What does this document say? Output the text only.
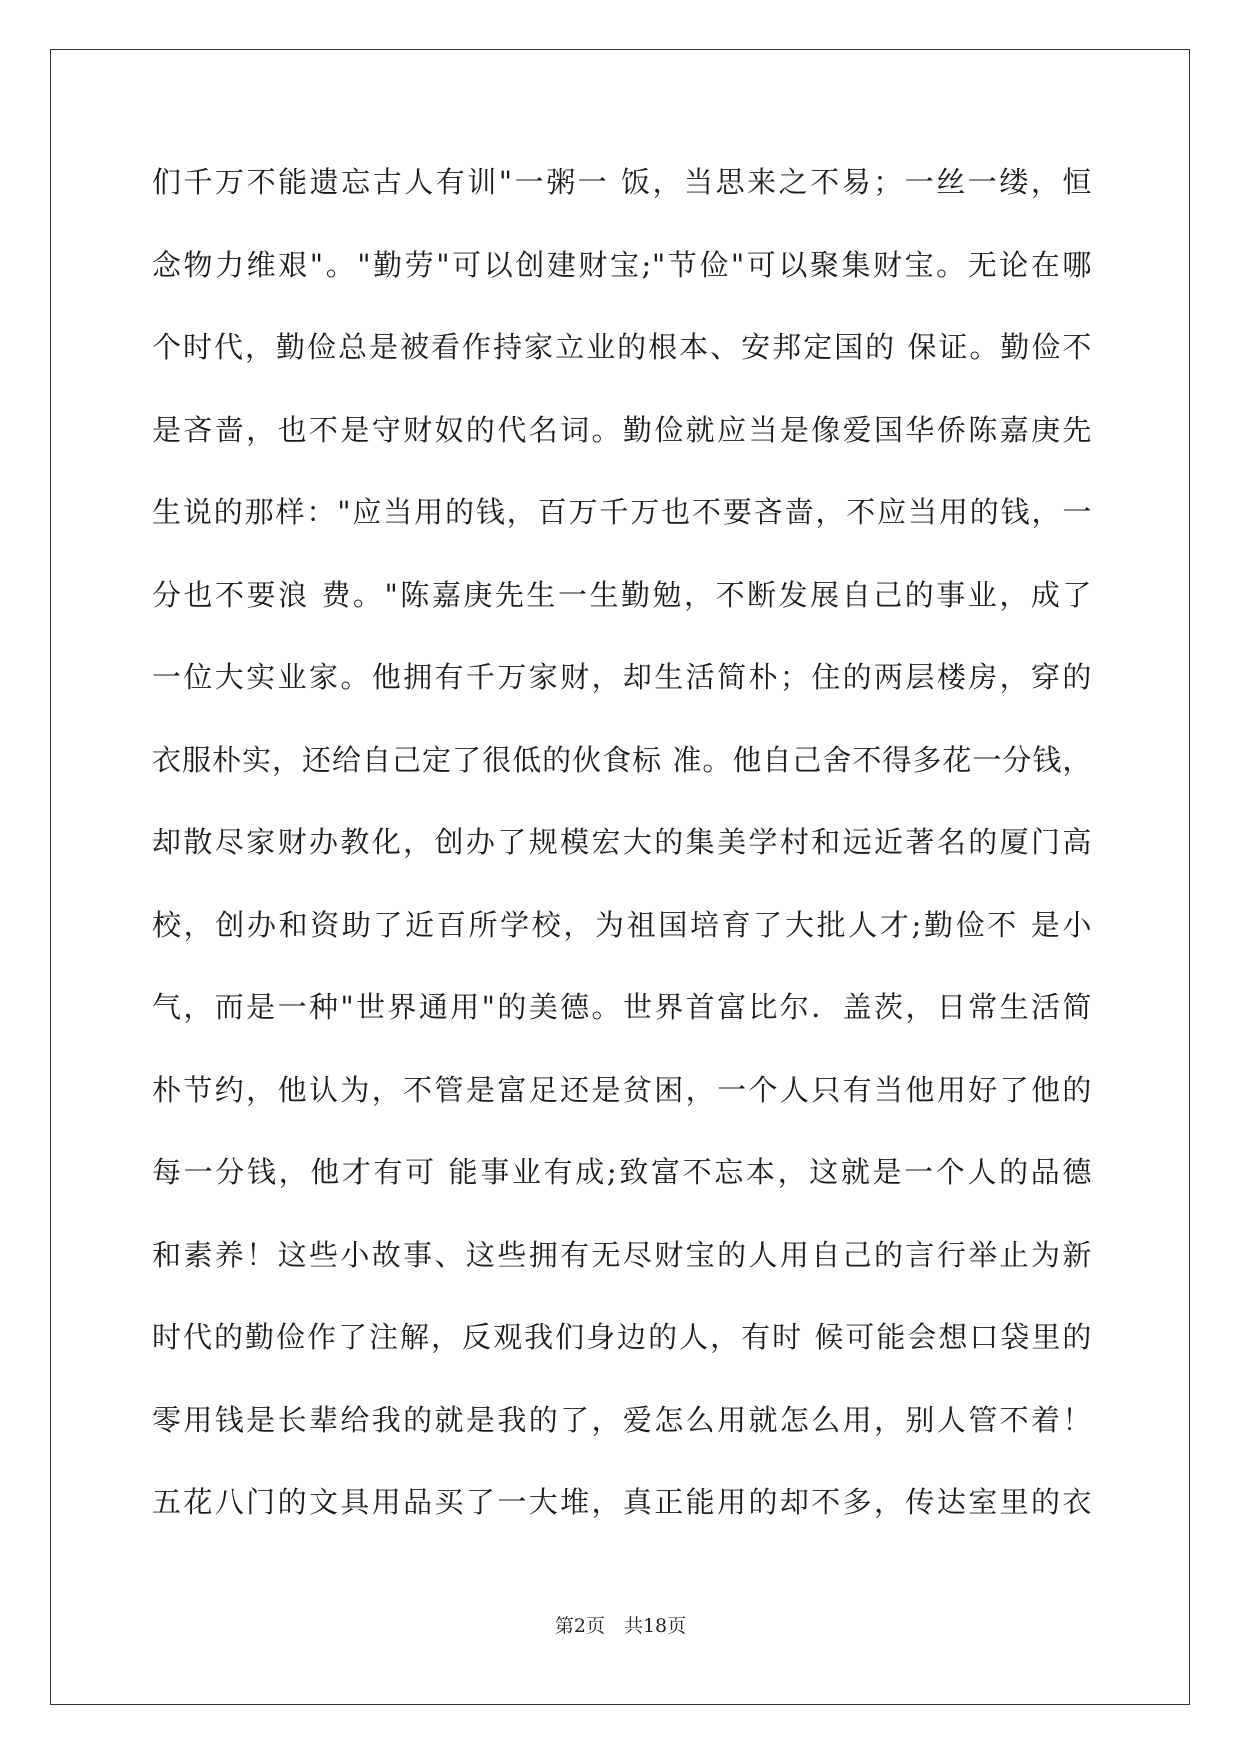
们千万不能遗忘古人有训"一粥一 饭，当思来之不易；一丝一缕，恒
念物力维艰"。"勤劳"可以创建财宝;"节俭"可以聚集财宝。无论在哪
个时代，勤俭总是被看作持家立业的根本、安邦定国的 保证。勤俭不
是吝啬，也不是守财奴的代名词。勤俭就应当是像爱国华侨陈嘉庚先
生说的那样："应当用的钱，百万千万也不要吝啬，不应当用的钱，一
分也不要浪 费。"陈嘉庚先生一生勤勉，不断发展自己的事业，成了
一位大实业家。他拥有千万家财，却生活简朴；住的两层楼房，穿的
衣服朴实，还给自己定了很低的伙食标 准。他自己舍不得多花一分钱，
却散尽家财办教化，创办了规模宏大的集美学村和远近著名的厦门高
校，创办和资助了近百所学校，为祖国培育了大批人才;勤俭不 是小
气，而是一种"世界通用"的美德。世界首富比尔．盖茨，日常生活简
朴节约，他认为，不管是富足还是贫困，一个人只有当他用好了他的
每一分钱，他才有可 能事业有成;致富不忘本，这就是一个人的品德
和素养！这些小故事、这些拥有无尽财宝的人用自己的言行举止为新
时代的勤俭作了注解，反观我们身边的人，有时 候可能会想口袋里的
零用钱是长辈给我的就是我的了，爱怎么用就怎么用，别人管不着！
五花八门的文具用品买了一大堆，真正能用的却不多，传达室里的衣
第2页　共18页
